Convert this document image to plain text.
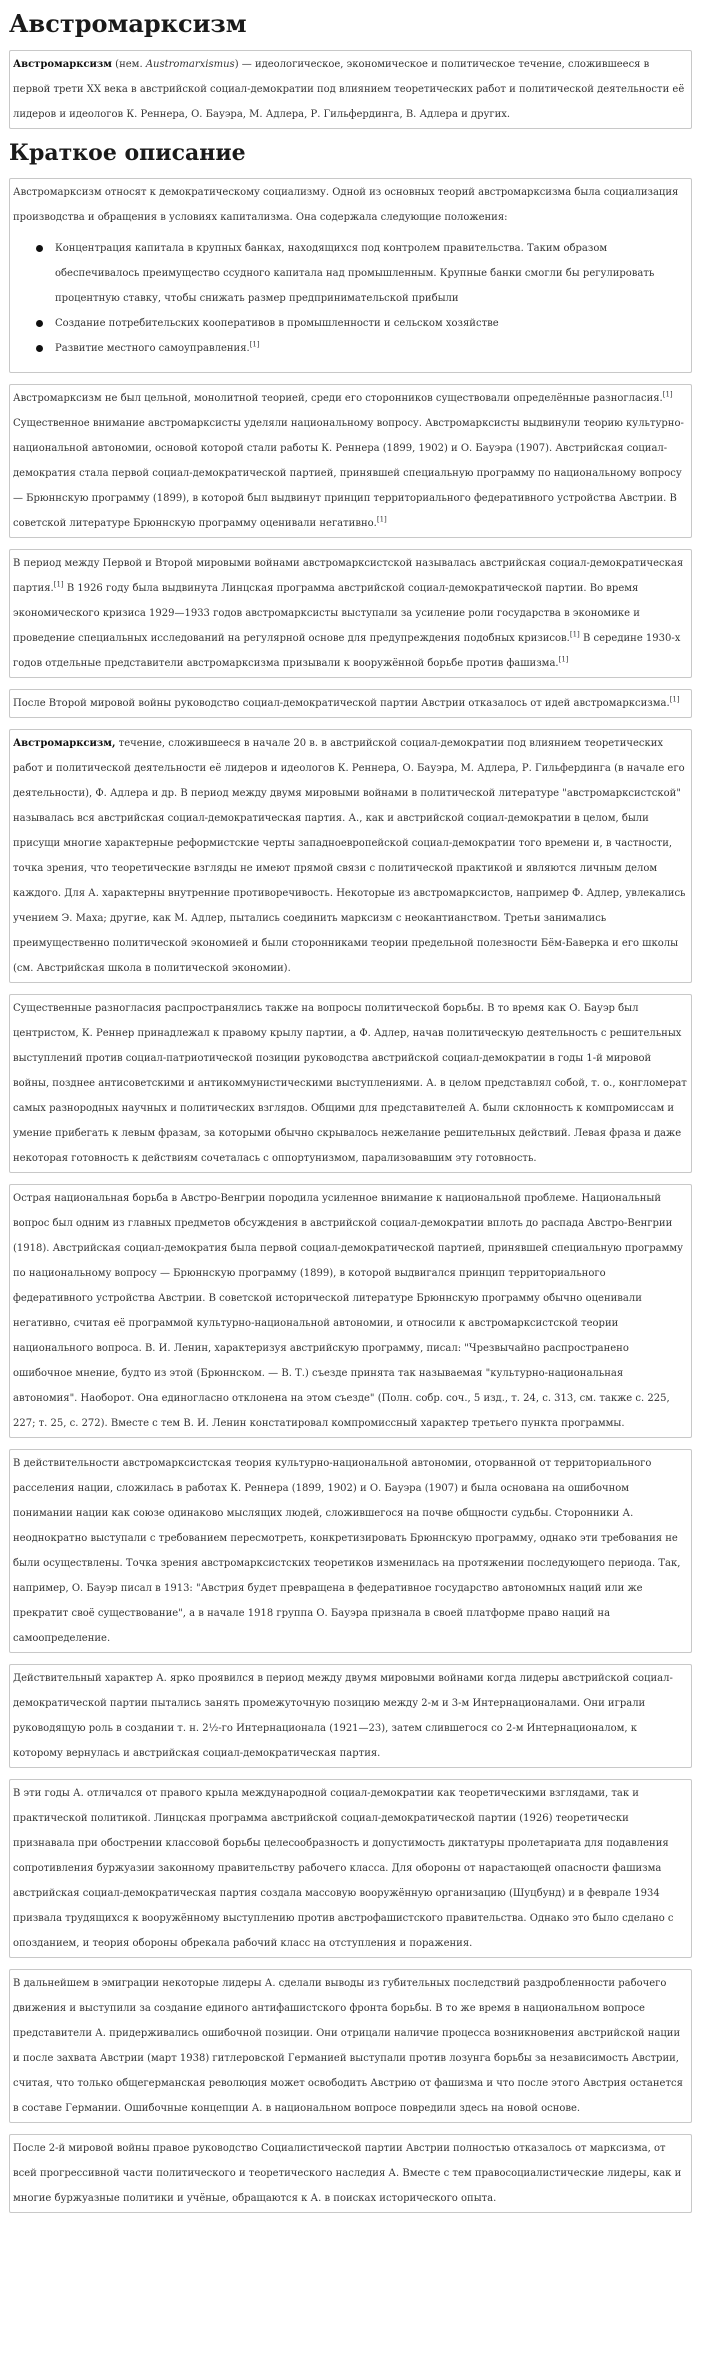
Австромарксизм

Австромарксизм (нем. Austromarxismus) — идеологическое, экономическое и политическое течение, сложившееся в первой трети XX века в австрийской социал-демократии под влиянием теоретических работ и политической деятельности её лидеров и идеологов К. Реннера, О. Бауэра, М. Адлера, Р. Гильфердинга, В. Адлера и других.

Краткое описание

Австромарксизм относят к демократическому социализму. Одной из основных теорий австромарксизма была социализация производства и обращения в условиях капитализма. Она содержала следующие положения:

Концентрация капитала в крупных банках, находящихся под контролем правительства. Таким образом обеспечивалось преимущество ссудного капитала над промышленным. Крупные банки смогли бы регулировать процентную ставку, чтобы снижать размер предпринимательской прибыли
Создание потребительских кооперативов в промышленности и сельском хозяйстве
Развитие местного самоуправления.[1]

Австромарксизм не был цельной, монолитной теорией, среди его сторонников существовали определённые разногласия.[1] Существенное внимание австромарксисты уделяли национальному вопросу. Австромарксисты выдвинули теорию культурно-национальной автономии, основой которой стали работы К. Реннера (1899, 1902) и О. Бауэра (1907). Австрийская социал-демократия стала первой социал-демократической партией, принявшей специальную программу по национальному вопросу — Брюннскую программу (1899), в которой был выдвинут принцип территориального федеративного устройства Австрии. В советской литературе Брюннскую программу оценивали негативно.[1]

В период между Первой и Второй мировыми войнами австромарксистской называлась австрийская социал-демократическая партия.[1] В 1926 году была выдвинута Линцская программа австрийской социал-демократической партии. Во время экономического кризиса 1929—1933 годов австромарксисты выступали за усиление роли государства в экономике и проведение специальных исследований на регулярной основе для предупреждения подобных кризисов.[1] В середине 1930-х годов отдельные представители австромарксизма призывали к вооружённой борьбе против фашизма.[1]

После Второй мировой войны руководство социал-демократической партии Австрии отказалось от идей австромарксизма.[1]

Австромарксизм, течение, сложившееся в начале 20 в. в австрийской социал-демократии под влиянием теоретических работ и политической деятельности её лидеров и идеологов К. Реннера, О. Бауэра, М. Адлера, Р. Гильфердинга (в начале его деятельности), Ф. Адлера и др. В период между двумя мировыми войнами в политической литературе "австромарксистской" называлась вся австрийская социал-демократическая партия. А., как и австрийской социал-демократии в целом, были присущи многие характерные реформистские черты западноевропейской социал-демократии того времени и, в частности, точка зрения, что теоретические взгляды не имеют прямой связи с политической практикой и являются личным делом каждого. Для А. характерны внутренние противоречивость. Некоторые из австромарксистов, например Ф. Адлер, увлекались учением Э. Маха; другие, как М. Адлер, пытались соединить марксизм с неокантианством. Третьи занимались преимущественно политической экономией и были сторонниками теории предельной полезности Бём-Баверка и его школы (см. Австрийская школа в политической экономии).

Существенные разногласия распространялись также на вопросы политической борьбы. В то время как О. Бауэр был центристом, К. Реннер принадлежал к правому крылу партии, а Ф. Адлер, начав политическую деятельность с решительных выступлений против социал-патриотической позиции руководства австрийской социал-демократии в годы 1-й мировой войны, позднее антисоветскими и антикоммунистическими выступлениями. А. в целом представлял собой, т. о., конгломерат самых разнородных научных и политических взглядов. Общими для представителей А. были склонность к компромиссам и умение прибегать к левым фразам, за которыми обычно скрывалось нежелание решительных действий. Левая фраза и даже некоторая готовность к действиям сочеталась с оппортунизмом, парализовавшим эту готовность.

Острая национальная борьба в Австро-Венгрии породила усиленное внимание к национальной проблеме. Национальный вопрос был одним из главных предметов обсуждения в австрийской социал-демократии вплоть до распада Австро-Венгрии (1918). Австрийская социал-демократия была первой социал-демократической партией, принявшей специальную программу по национальному вопросу — Брюннскую программу (1899), в которой выдвигался принцип территориального федеративного устройства Австрии. В советской исторической литературе Брюннскую программу обычно оценивали негативно, считая её программой культурно-национальной автономии, и относили к австромарксистской теории национального вопроса. В. И. Ленин, характеризуя австрийскую программу, писал: "Чрезвычайно распространено ошибочное мнение, будто из этой (Брюннском. — В. Т.) съезде принята так называемая "культурно-национальная автономия". Наоборот. Она единогласно отклонена на этом съезде" (Полн. собр. соч., 5 изд., т. 24, с. 313, см. также с. 225, 227; т. 25, с. 272). Вместе с тем В. И. Ленин констатировал компромиссный характер третьего пункта программы.

В действительности австромарксистская теория культурно-национальной автономии, оторванной от территориального расселения нации, сложилась в работах К. Реннера (1899, 1902) и О. Бауэра (1907) и была основана на ошибочном понимании нации как союзе одинаково мыслящих людей, сложившегося на почве общности судьбы. Сторонники А. неоднократно выступали с требованием пересмотреть, конкретизировать Брюннскую программу, однако эти требования не были осуществлены. Точка зрения австромарксистских теоретиков изменилась на протяжении последующего периода. Так, например, О. Бауэр писал в 1913: "Австрия будет превращена в федеративное государство автономных наций или же прекратит своё существование", а в начале 1918 группа О. Бауэра признала в своей платформе право наций на самоопределение.

Действительный характер А. ярко проявился в период между двумя мировыми войнами когда лидеры австрийской социал-демократической партии пытались занять промежуточную позицию между 2-м и 3-м Интернационалами. Они играли руководящую роль в создании т. н. 2½-го Интернационала (1921—23), затем слившегося со 2-м Интернационалом, к которому вернулась и австрийская социал-демократическая партия.

В эти годы А. отличался от правого крыла международной социал-демократии как теоретическими взглядами, так и практической политикой. Линцская программа австрийской социал-демократической партии (1926) теоретически признавала при обострении классовой борьбы целесообразность и допустимость диктатуры пролетариата для подавления сопротивления буржуазии законному правительству рабочего класса. Для обороны от нарастающей опасности фашизма австрийская социал-демократическая партия создала массовую вооружённую организацию (Шуцбунд) и в феврале 1934 призвала трудящихся к вооружённому выступлению против австрофашистского правительства. Однако это было сделано с опозданием, и теория обороны обрекала рабочий класс на отступления и поражения.

В дальнейшем в эмиграции некоторые лидеры А. сделали выводы из губительных последствий раздробленности рабочего движения и выступили за создание единого антифашистского фронта борьбы. В то же время в национальном вопросе представители А. придерживались ошибочной позиции. Они отрицали наличие процесса возникновения австрийской нации и после захвата Австрии (март 1938) гитлеровской Германией выступали против лозунга борьбы за независимость Австрии, считая, что только общегерманская революция может освободить Австрию от фашизма и что после этого Австрия останется в составе Германии. Ошибочные концепции А. в национальном вопросе повредили здесь на новой основе.

После 2-й мировой войны правое руководство Социалистической партии Австрии полностью отказалось от марксизма, от всей прогрессивной части политического и теоретического наследия А. Вместе с тем правосоциалистические лидеры, как и многие буржуазные политики и учёные, обращаются к А. в поисках исторического опыта.
